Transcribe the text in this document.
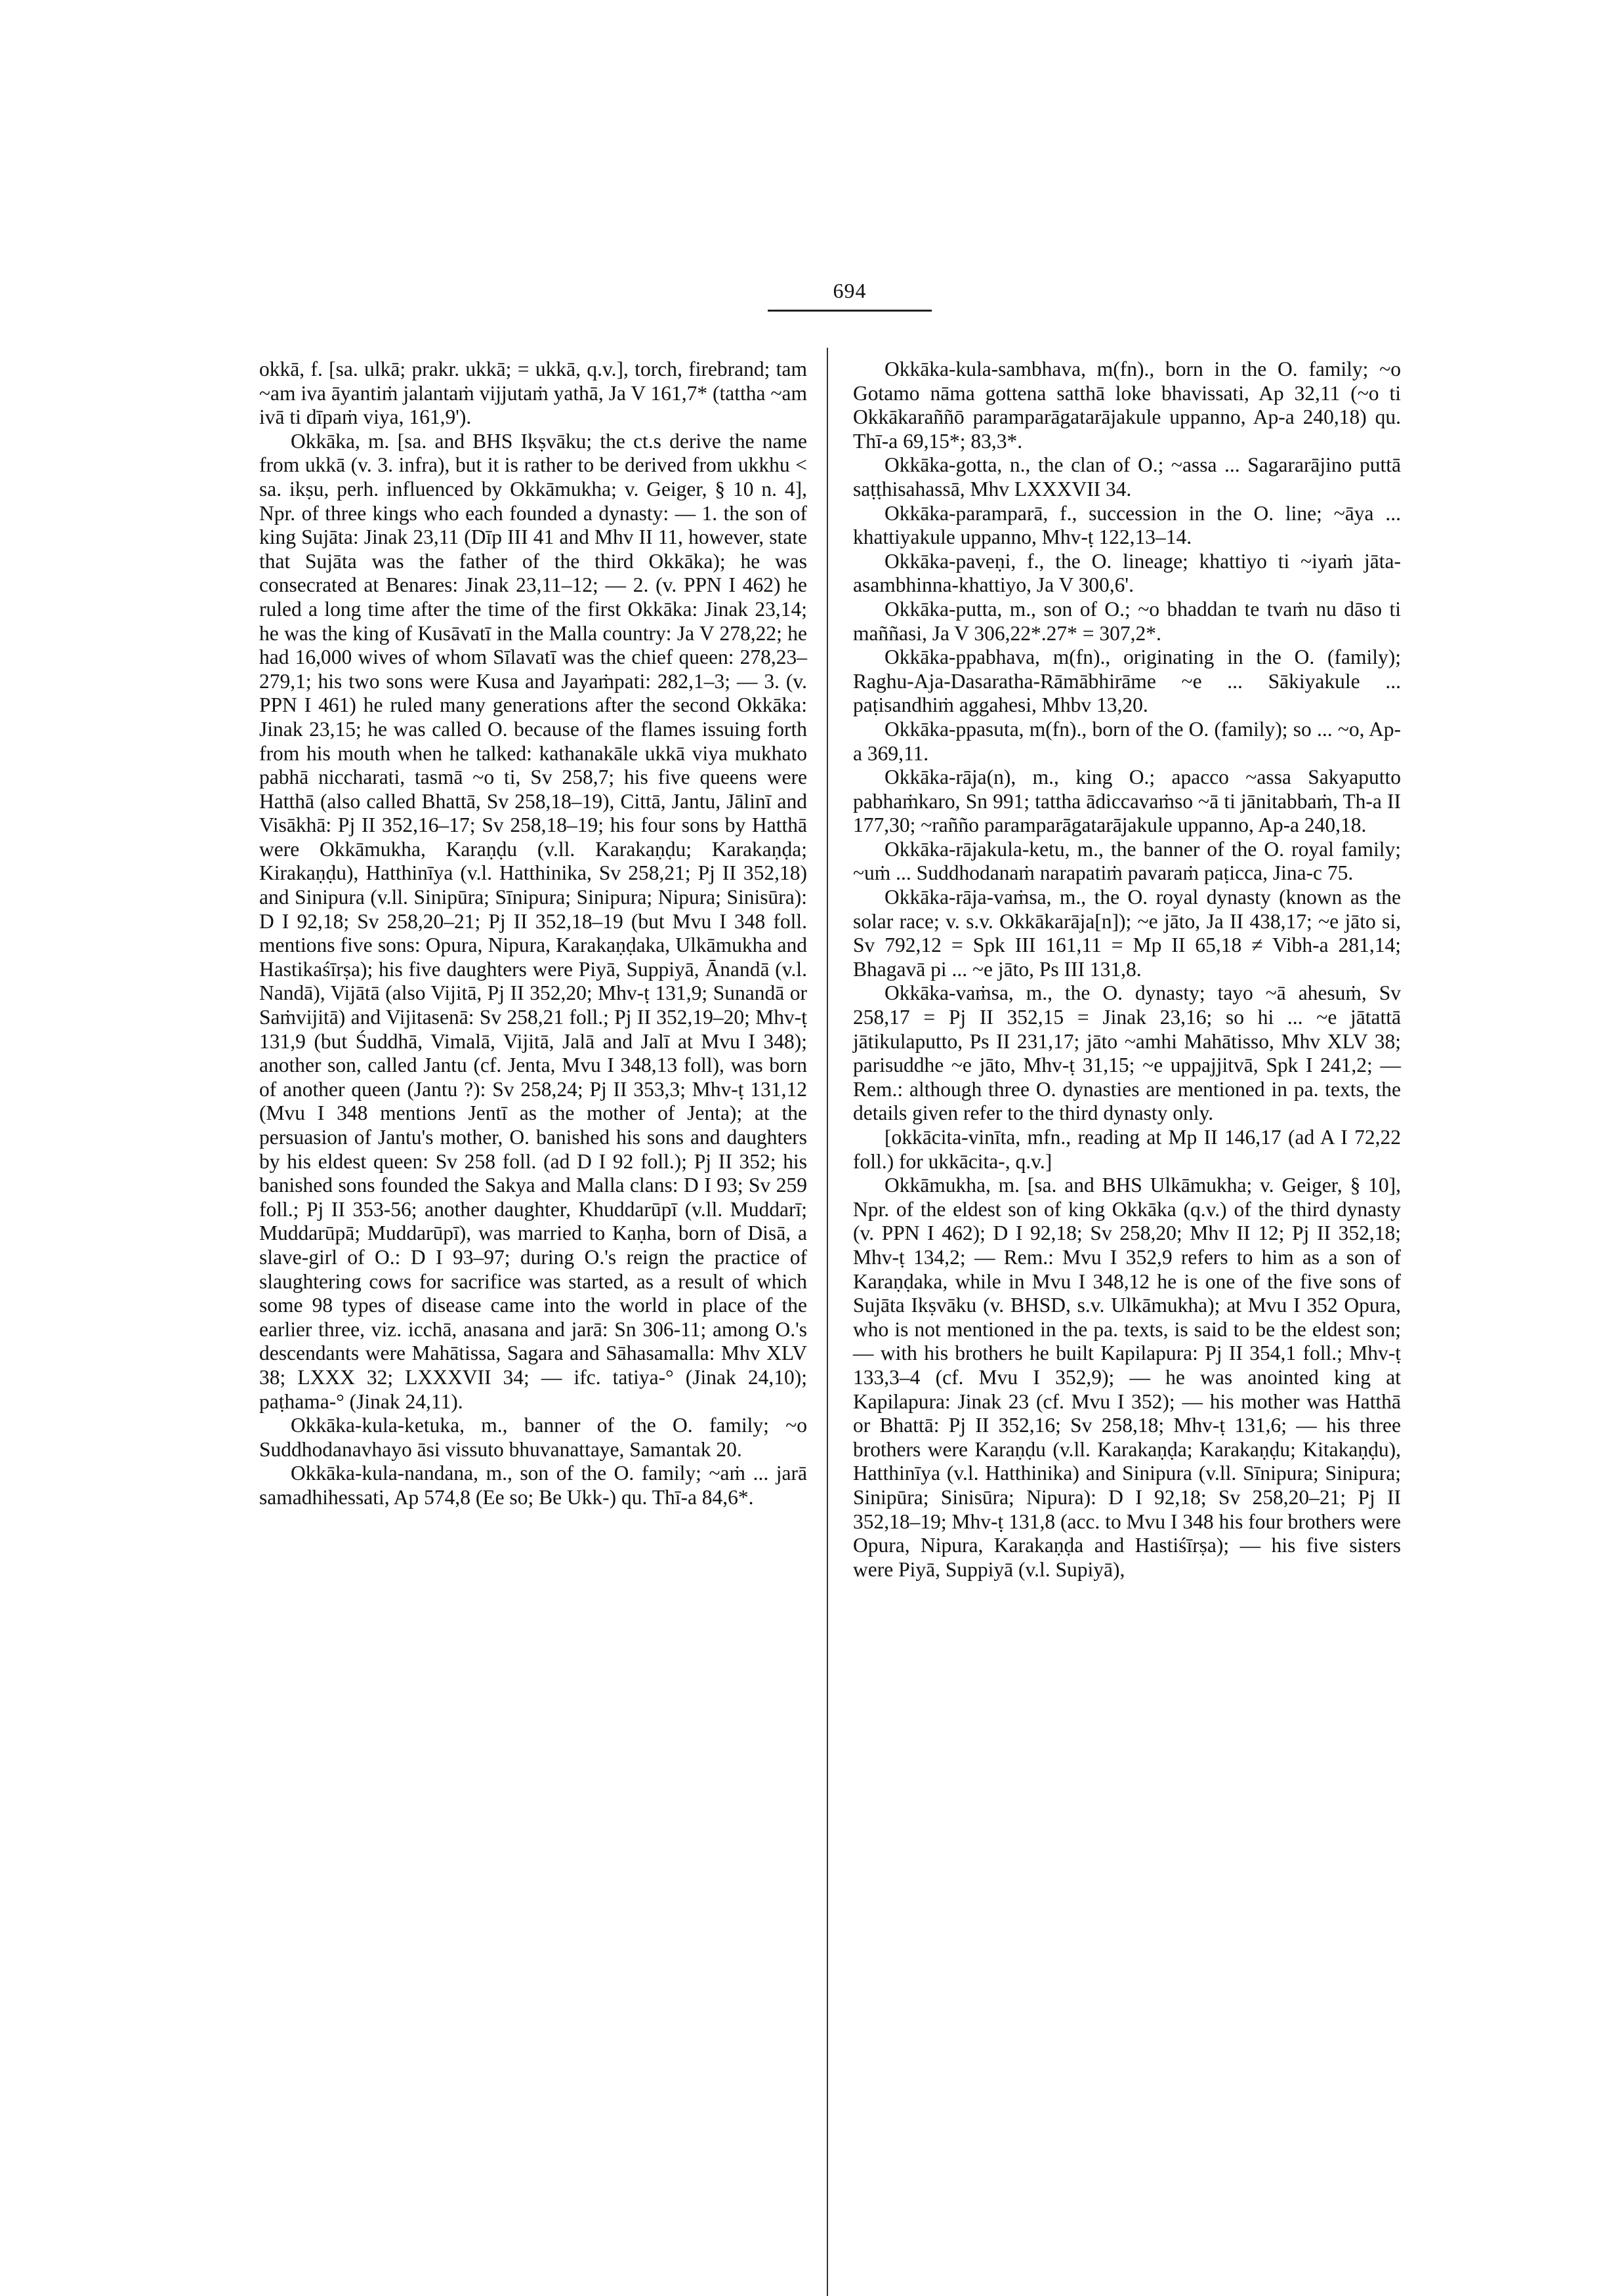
694

okkā, f. [sa. ulkā; prakr. ukkā; = ukkā, q.v.], torch, firebrand; tam ~am iva āyantiṁ jalantaṁ vijjutaṁ yathā, Ja V 161,7* (tattha ~am ivā ti dīpaṁ viya, 161,9').

Okkāka, m. [sa. and BHS Ikṣvāku; the ct.s derive the name from ukkā (v. 3. infra), but it is rather to be derived from ukkhu < sa. ikṣu, perh. influenced by Okkāmukha; v. Geiger, § 10 n. 4], Npr. of three kings who each founded a dynasty: — 1. the son of king Sujāta: Jinak 23,11 (Dīp III 41 and Mhv II 11, however, state that Sujāta was the father of the third Okkāka); he was consecrated at Benares: Jinak 23,11–12; — 2. (v. PPN I 462) he ruled a long time after the time of the first Okkāka: Jinak 23,14; he was the king of Kusāvatī in the Malla country: Ja V 278,22; he had 16,000 wives of whom Sīlavatī was the chief queen: 278,23–279,1; his two sons were Kusa and Jayaṁpati: 282,1–3; — 3. (v. PPN I 461) he ruled many generations after the second Okkāka: Jinak 23,15; he was called O. because of the flames issuing forth from his mouth when he talked: kathanakāle ukkā viya mukhato pabhā niccharati, tasmā ~o ti, Sv 258,7; his five queens were Hatthā (also called Bhattā, Sv 258,18–19), Cittā, Jantu, Jālinī and Visākhā: Pj II 352,16–17; Sv 258,18–19; his four sons by Hatthā were Okkāmukha, Karaṇḍu (v.ll. Karakaṇḍu; Karakaṇḍa; Kirakaṇḍu), Hatthinīya (v.l. Hatthinika, Sv 258,21; Pj II 352,18) and Sinipura (v.ll. Sinipūra; Sīnipura; Sinipura; Nipura; Sinisūra): D I 92,18; Sv 258,20–21; Pj II 352,18–19 (but Mvu I 348 foll. mentions five sons: Opura, Nipura, Karakaṇḍaka, Ulkāmukha and Hastikaśīrṣa); his five daughters were Piyā, Suppiyā, Ānandā (v.l. Nandā), Vijātā (also Vijitā, Pj II 352,20; Mhv-ṭ 131,9; Sunandā or Saṁvijitā) and Vijitasenā: Sv 258,21 foll.; Pj II 352,19–20; Mhv-ṭ 131,9 (but Śuddhā, Vimalā, Vijitā, Jalā and Jalī at Mvu I 348); another son, called Jantu (cf. Jenta, Mvu I 348,13 foll), was born of another queen (Jantu ?): Sv 258,24; Pj II 353,3; Mhv-ṭ 131,12 (Mvu I 348 mentions Jentī as the mother of Jenta); at the persuasion of Jantu's mother, O. banished his sons and daughters by his eldest queen: Sv 258 foll. (ad D I 92 foll.); Pj II 352; his banished sons founded the Sakya and Malla clans: D I 93; Sv 259 foll.; Pj II 353-56; another daughter, Khuddarūpī (v.ll. Muddarī; Muddarūpā; Muddarūpī), was married to Kaṇha, born of Disā, a slave-girl of O.: D I 93–97; during O.'s reign the practice of slaughtering cows for sacrifice was started, as a result of which some 98 types of disease came into the world in place of the earlier three, viz. icchā, anasana and jarā: Sn 306-11; among O.'s descendants were Mahātissa, Sagara and Sāhasamalla: Mhv XLV 38; LXXX 32; LXXXVII 34; — ifc. tatiya-° (Jinak 24,10); paṭhama-° (Jinak 24,11).

Okkāka-kula-ketuka, m., banner of the O. family; ~o Suddhodanavhayo āsi vissuto bhuvanattaye, Samantak 20.

Okkāka-kula-nandana, m., son of the O. family; ~aṁ ... jarā samadhihessati, Ap 574,8 (Ee so; Be Ukk-) qu. Thī-a 84,6*.

Okkāka-kula-sambhava, m(fn)., born in the O. family; ~o Gotamo nāma gottena satthā loke bhavissati, Ap 32,11 (~o ti Okkākaraññō paramparāgatarājakule uppanno, Ap-a 240,18) qu. Thī-a 69,15*; 83,3*.

Okkāka-gotta, n., the clan of O.; ~assa ... Sagararājino puttā saṭṭhisahassā, Mhv LXXXVII 34.

Okkāka-paramparā, f., succession in the O. line; ~āya ... khattiyakule uppanno, Mhv-ṭ 122,13–14.

Okkāka-paveṇi, f., the O. lineage; khattiyo ti ~iyaṁ jāta-asambhinna-khattiyo, Ja V 300,6'.

Okkāka-putta, m., son of O.; ~o bhaddan te tvaṁ nu dāso ti maññasi, Ja V 306,22*.27* = 307,2*.

Okkāka-ppabhava, m(fn)., originating in the O. (family); Raghu-Aja-Dasaratha-Rāmābhirāme ~e ... Sākiyakule ... paṭisandhiṁ aggahesi, Mhbv 13,20.

Okkāka-ppasuta, m(fn)., born of the O. (family); so ... ~o, Ap-a 369,11.

Okkāka-rāja(n), m., king O.; apacco ~assa Sakyaputto pabhaṁkaro, Sn 991; tattha ādiccavaṁso ~ā ti jānitabbaṁ, Th-a II 177,30; ~rañño paramparāgatarājakule uppanno, Ap-a 240,18.

Okkāka-rājakula-ketu, m., the banner of the O. royal family; ~uṁ ... Suddhodanaṁ narapatiṁ pavaraṁ paṭicca, Jina-c 75.

Okkāka-rāja-vaṁsa, m., the O. royal dynasty (known as the solar race; v. s.v. Okkākarāja[n]); ~e jāto, Ja II 438,17; ~e jāto si, Sv 792,12 = Spk III 161,11 = Mp II 65,18 ≠ Vibh-a 281,14; Bhagavā pi ... ~e jāto, Ps III 131,8.

Okkāka-vaṁsa, m., the O. dynasty; tayo ~ā ahesuṁ, Sv 258,17 = Pj II 352,15 = Jinak 23,16; so hi ... ~e jātattā jātikulaputto, Ps II 231,17; jāto ~amhi Mahātisso, Mhv XLV 38; parisuddhe ~e jāto, Mhv-ṭ 31,15; ~e uppajjitvā, Spk I 241,2; — Rem.: although three O. dynasties are mentioned in pa. texts, the details given refer to the third dynasty only.

[okkācita-vinīta, mfn., reading at Mp II 146,17 (ad A I 72,22 foll.) for ukkācita-, q.v.]

Okkāmukha, m. [sa. and BHS Ulkāmukha; v. Geiger, § 10], Npr. of the eldest son of king Okkāka (q.v.) of the third dynasty (v. PPN I 462); D I 92,18; Sv 258,20; Mhv II 12; Pj II 352,18; Mhv-ṭ 134,2; — Rem.: Mvu I 352,9 refers to him as a son of Karaṇḍaka, while in Mvu I 348,12 he is one of the five sons of Sujāta Ikṣvāku (v. BHSD, s.v. Ulkāmukha); at Mvu I 352 Opura, who is not mentioned in the pa. texts, is said to be the eldest son; — with his brothers he built Kapilapura: Pj II 354,1 foll.; Mhv-ṭ 133,3–4 (cf. Mvu I 352,9); — he was anointed king at Kapilapura: Jinak 23 (cf. Mvu I 352); — his mother was Hatthā or Bhattā: Pj II 352,16; Sv 258,18; Mhv-ṭ 131,6; — his three brothers were Karaṇḍu (v.ll. Karakaṇḍa; Karakaṇḍu; Kitakaṇḍu), Hatthinīya (v.l. Hatthinika) and Sinipura (v.ll. Sīnipura; Sinipura; Sinipūra; Sinisūra; Nipura): D I 92,18; Sv 258,20–21; Pj II 352,18–19; Mhv-ṭ 131,8 (acc. to Mvu I 348 his four brothers were Opura, Nipura, Karakaṇḍa and Hastiśīrṣa); — his five sisters were Piyā, Suppiyā (v.l. Supiyā),
